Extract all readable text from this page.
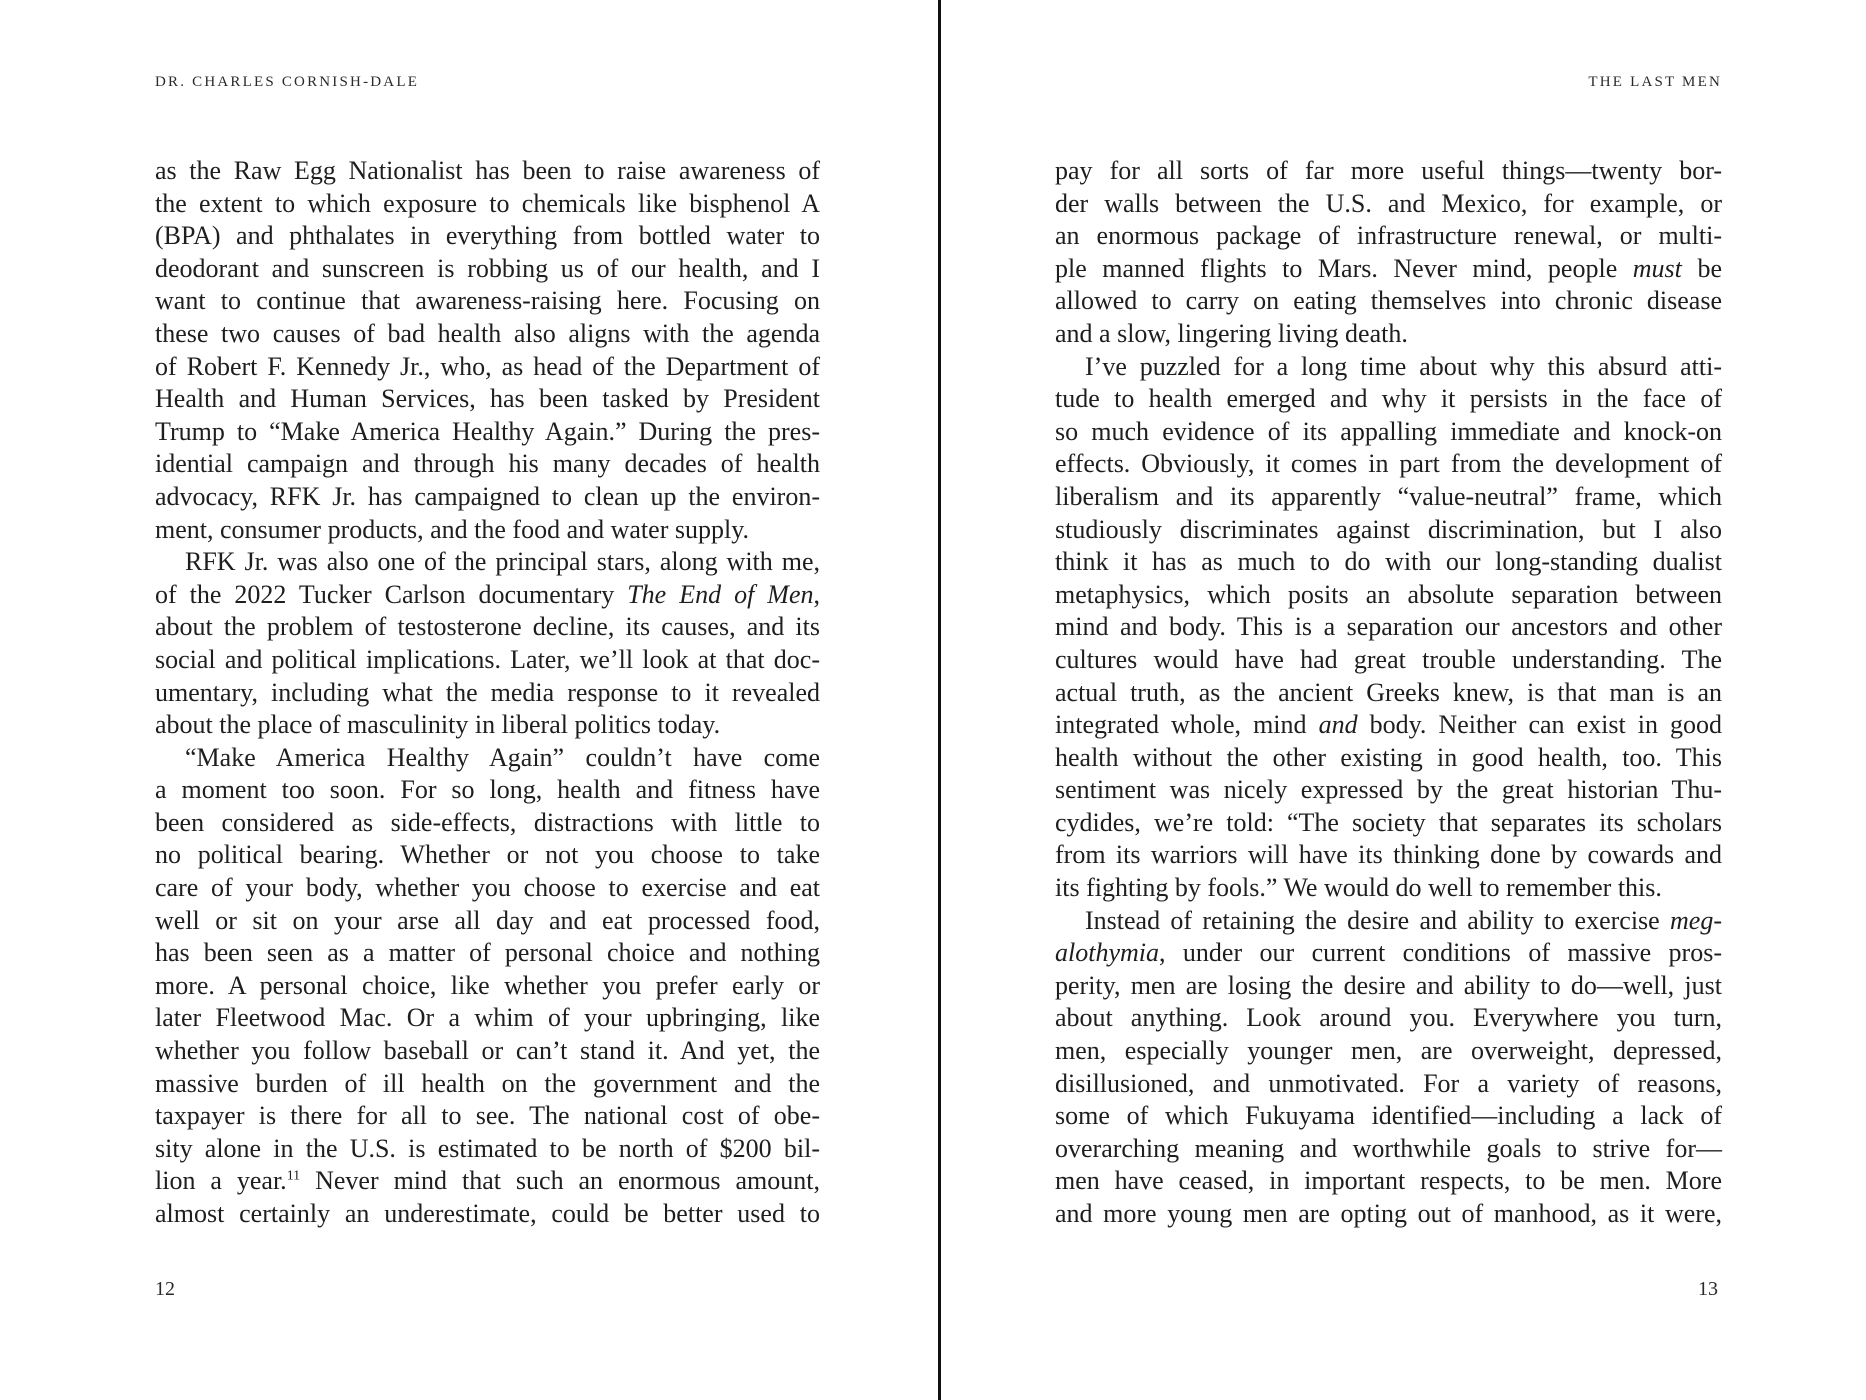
DR. CHARLES CORNISH-DALE
as the Raw Egg Nationalist has been to raise awareness of
the extent to which exposure to chemicals like bisphenol A
(BPA) and phthalates in everything from bottled water to
deodorant and sunscreen is robbing us of our health, and I
want to continue that awareness-raising here. Focusing on
these two causes of bad health also aligns with the agenda
of Robert F. Kennedy Jr., who, as head of the Department of
Health and Human Services, has been tasked by President
Trump to “Make America Healthy Again.” During the pres-
idential campaign and through his many decades of health
advocacy, RFK Jr. has campaigned to clean up the environ-
ment, consumer products, and the food and water supply.
RFK Jr. was also one of the principal stars, along with me,
of the 2022 Tucker Carlson documentary The End of Men,
about the problem of testosterone decline, its causes, and its
social and political implications. Later, we’ll look at that doc-
umentary, including what the media response to it revealed
about the place of masculinity in liberal politics today.
“Make America Healthy Again” couldn’t have come
a moment too soon. For so long, health and fitness have
been considered as side-effects, distractions with little to
no political bearing. Whether or not you choose to take
care of your body, whether you choose to exercise and eat
well or sit on your arse all day and eat processed food,
has been seen as a matter of personal choice and nothing
more. A personal choice, like whether you prefer early or
later Fleetwood Mac. Or a whim of your upbringing, like
whether you follow baseball or can’t stand it. And yet, the
massive burden of ill health on the government and the
taxpayer is there for all to see. The national cost of obe-
sity alone in the U.S. is estimated to be north of $200 bil-
lion a year.$^{11}$ Never mind that such an enormous amount,
almost certainly an underestimate, could be better used to
12
THE LAST MEN
pay for all sorts of far more useful things—twenty bor-
der walls between the U.S. and Mexico, for example, or
an enormous package of infrastructure renewal, or multi-
ple manned flights to Mars. Never mind, people must be
allowed to carry on eating themselves into chronic disease
and a slow, lingering living death.
I’ve puzzled for a long time about why this absurd atti-
tude to health emerged and why it persists in the face of
so much evidence of its appalling immediate and knock-on
effects. Obviously, it comes in part from the development of
liberalism and its apparently “value-neutral” frame, which
studiously discriminates against discrimination, but I also
think it has as much to do with our long-standing dualist
metaphysics, which posits an absolute separation between
mind and body. This is a separation our ancestors and other
cultures would have had great trouble understanding. The
actual truth, as the ancient Greeks knew, is that man is an
integrated whole, mind and body. Neither can exist in good
health without the other existing in good health, too. This
sentiment was nicely expressed by the great historian Thu-
cydides, we’re told: “The society that separates its scholars
from its warriors will have its thinking done by cowards and
its fighting by fools.” We would do well to remember this.
Instead of retaining the desire and ability to exercise meg-
alothymia, under our current conditions of massive pros-
perity, men are losing the desire and ability to do—well, just
about anything. Look around you. Everywhere you turn,
men, especially younger men, are overweight, depressed,
disillusioned, and unmotivated. For a variety of reasons,
some of which Fukuyama identified—including a lack of
overarching meaning and worthwhile goals to strive for—
men have ceased, in important respects, to be men. More
and more young men are opting out of manhood, as it were,
13
